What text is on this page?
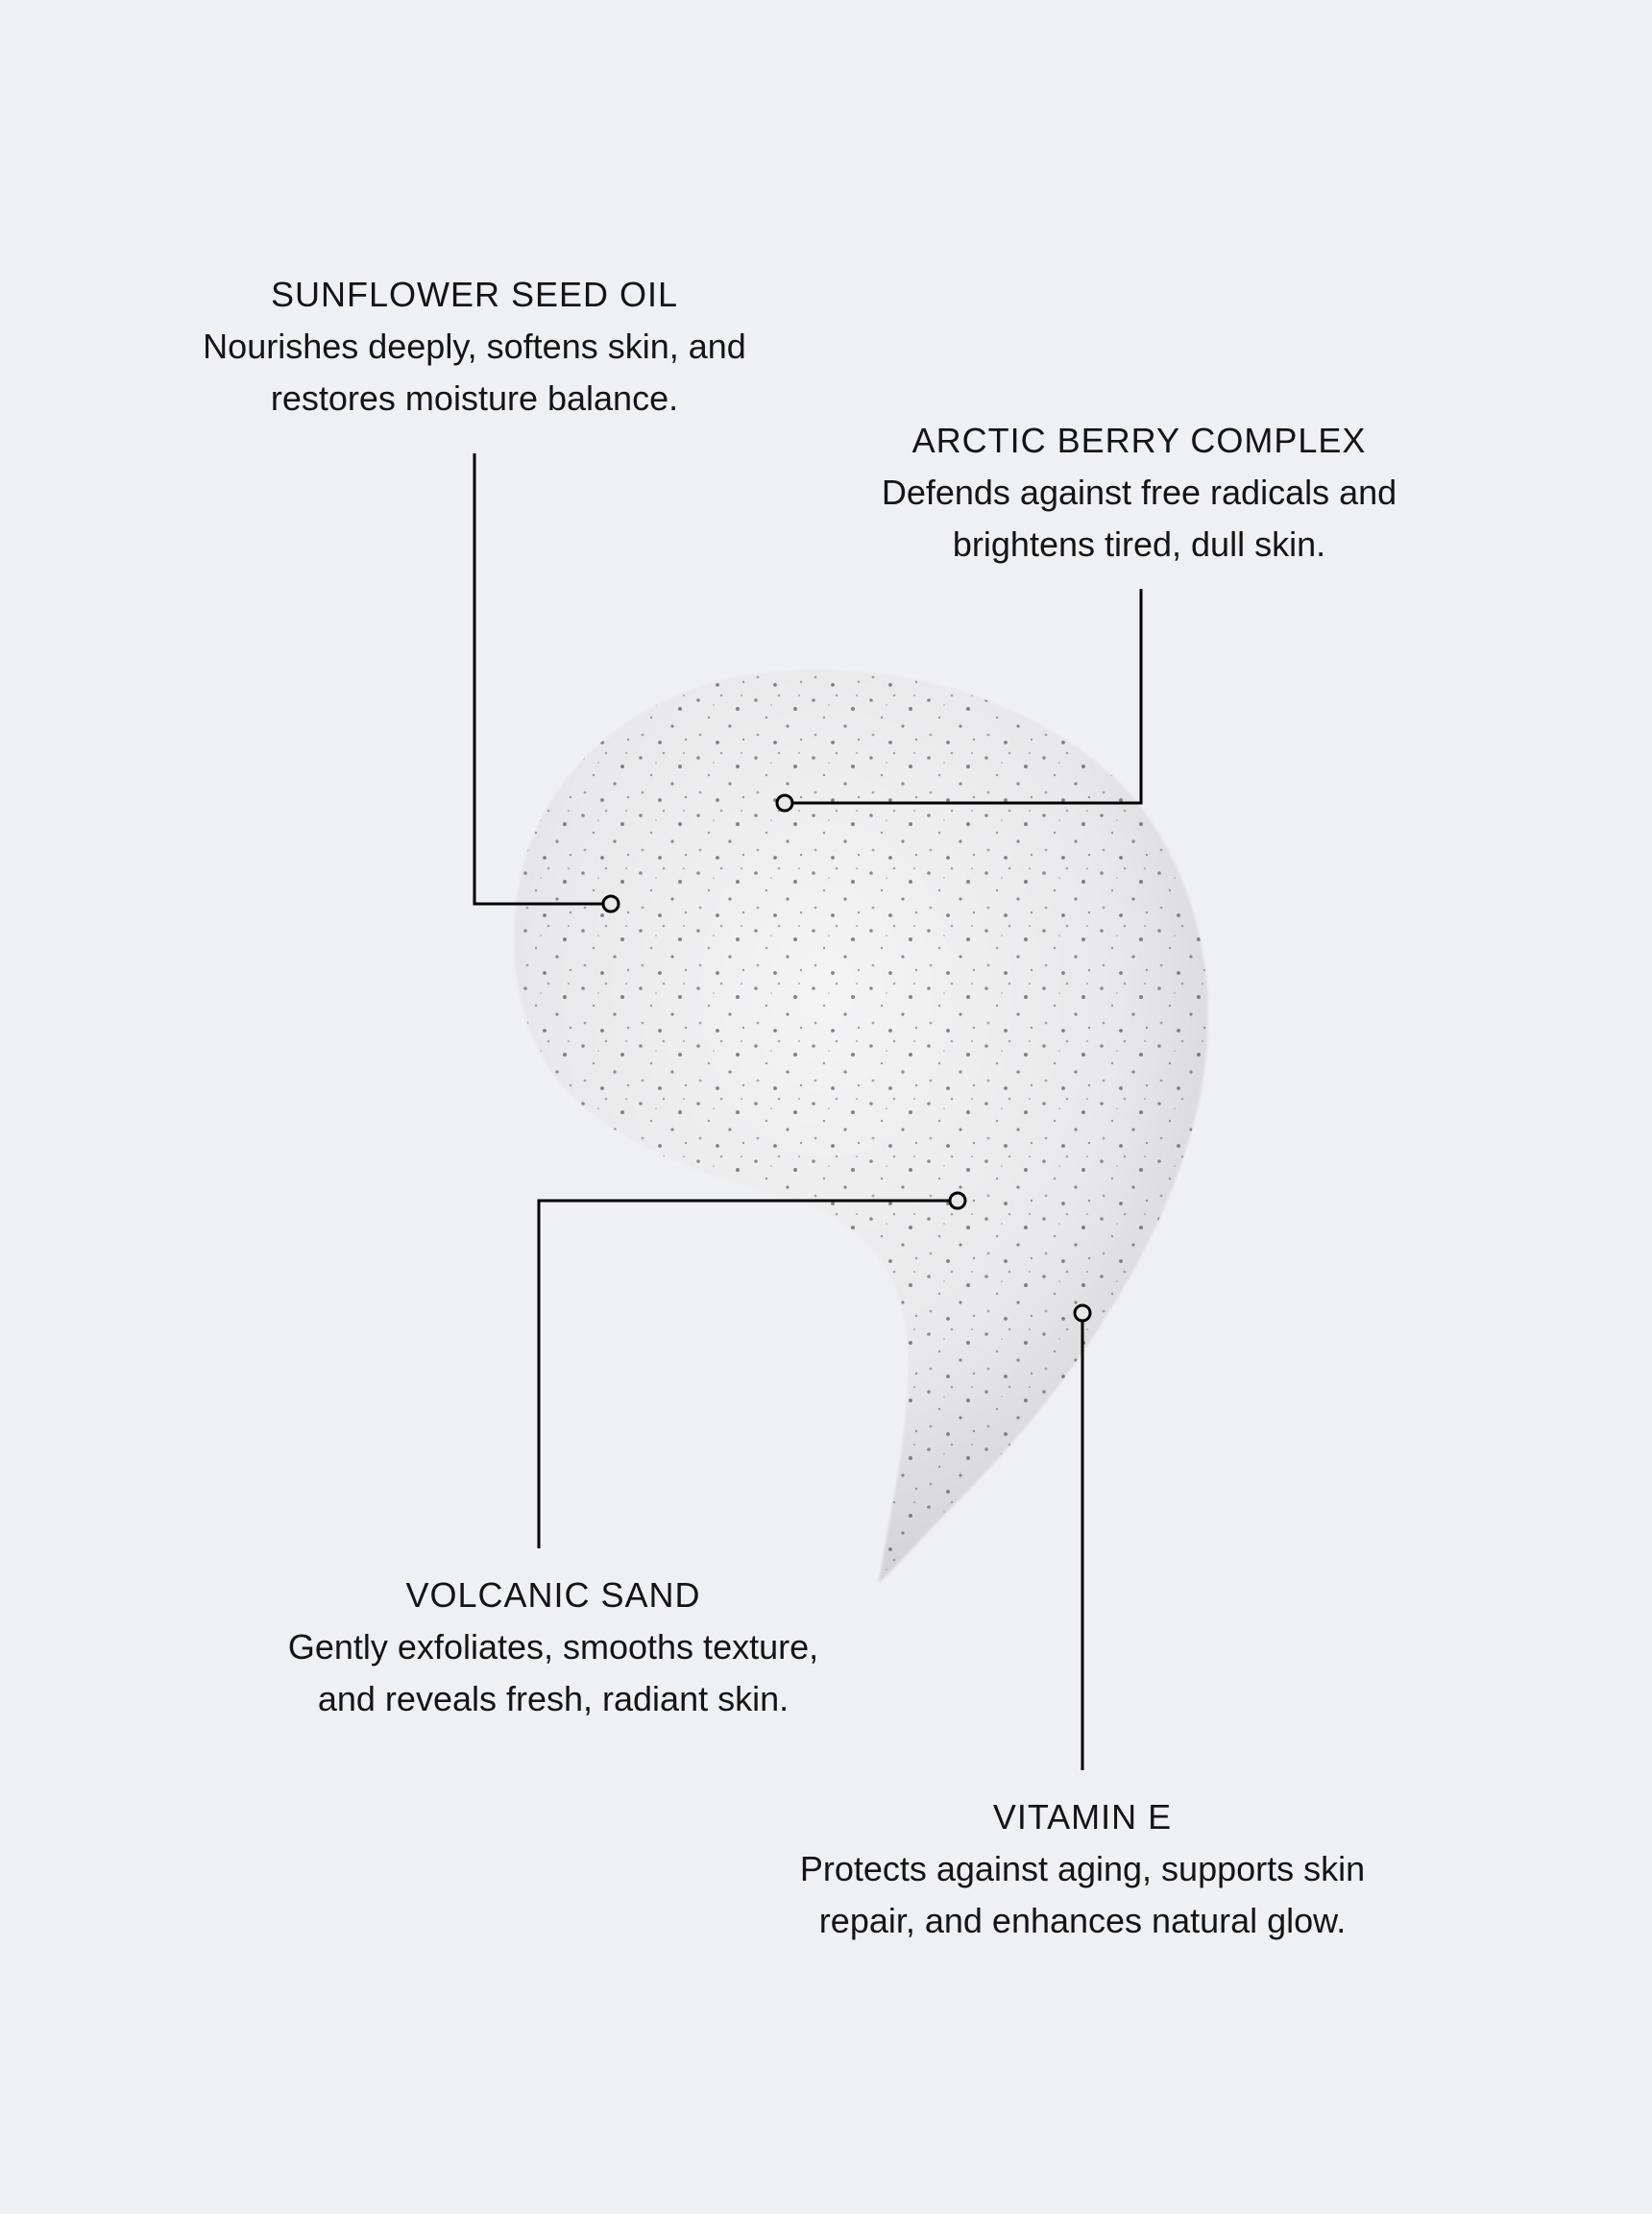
SUNFLOWER SEED OIL
Nourishes deeply, softens skin, and
restores moisture balance.
ARCTIC BERRY COMPLEX
Defends against free radicals and
brightens tired, dull skin.
VOLCANIC SAND
Gently exfoliates, smooths texture,
and reveals fresh, radiant skin.
VITAMIN E
Protects against aging, supports skin
repair, and enhances natural glow.
